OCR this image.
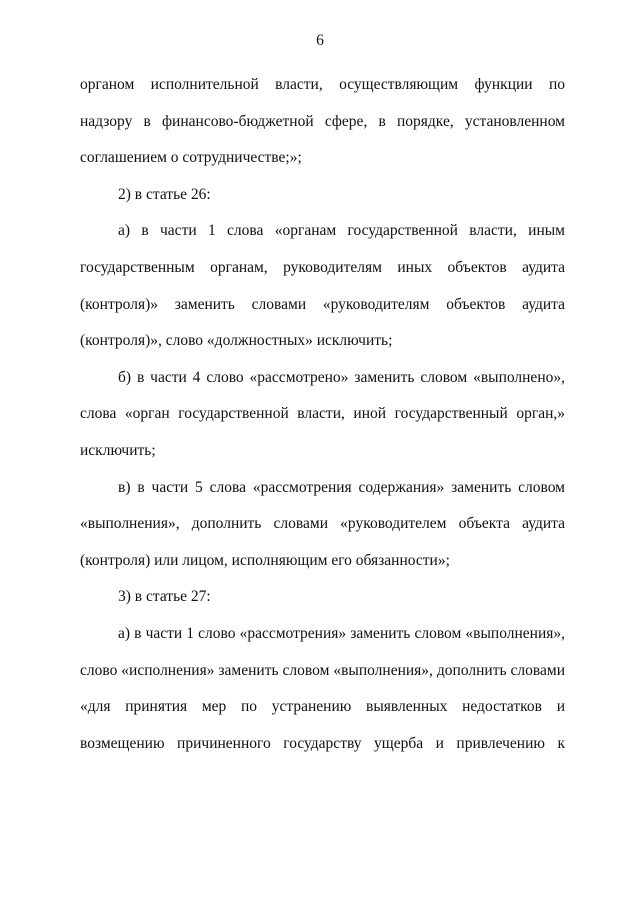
6
органом исполнительной власти, осуществляющим функции по
надзору в финансово-бюджетной сфере, в порядке, установленном
соглашением о сотрудничестве;»;
2) в статье 26:
а) в части 1 слова «органам государственной власти, иным
государственным органам, руководителям иных объектов аудита
(контроля)» заменить словами «руководителям объектов аудита
(контроля)», слово «должностных» исключить;
б) в части 4 слово «рассмотрено» заменить словом «выполнено»,
слова «орган государственной власти, иной государственный орган,»
исключить;
в) в части 5 слова «рассмотрения содержания» заменить словом
«выполнения», дополнить словами «руководителем объекта аудита
(контроля) или лицом, исполняющим его обязанности»;
3) в статье 27:
а) в части 1 слово «рассмотрения» заменить словом «выполнения»,
слово «исполнения» заменить словом «выполнения», дополнить словами
«для принятия мер по устранению выявленных недостатков и
возмещению причиненного государству ущерба и привлечению к
